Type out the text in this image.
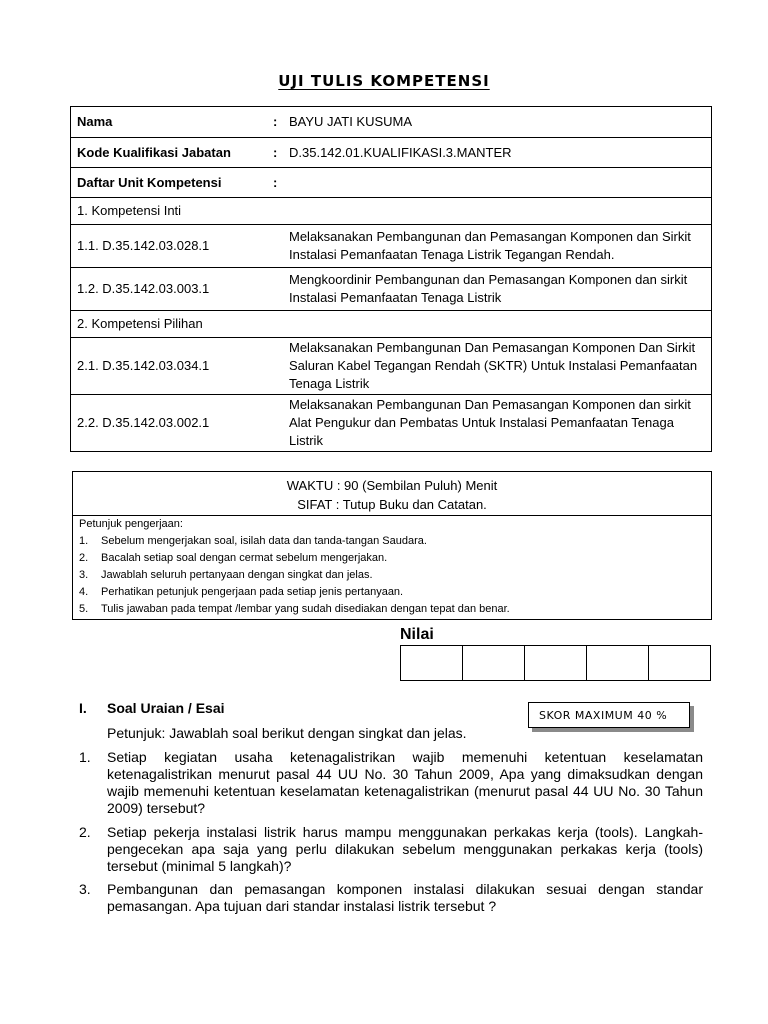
UJI TULIS KOMPETENSI
Nama	:	BAYU JATI KUSUMA
Kode Kualifikasi Jabatan	:	D.35.142.01.KUALIFIKASI.3.MANTER
Daftar Unit Kompetensi	:	
1. Kompetensi Inti		
1.1. D.35.142.03.028.1		Melaksanakan Pembangunan dan Pemasangan Komponen dan Sirkit Instalasi Pemanfaatan Tenaga Listrik Tegangan Rendah.
1.2. D.35.142.03.003.1		Mengkoordinir Pembangunan dan Pemasangan Komponen dan sirkit Instalasi Pemanfaatan Tenaga Listrik
2. Kompetensi Pilihan		
2.1. D.35.142.03.034.1		Melaksanakan Pembangunan Dan Pemasangan Komponen Dan Sirkit Saluran Kabel Tegangan Rendah (SKTR) Untuk Instalasi Pemanfaatan Tenaga Listrik
2.2. D.35.142.03.002.1		Melaksanakan Pembangunan Dan Pemasangan Komponen dan sirkit Alat Pengukur dan Pembatas Untuk Instalasi Pemanfaatan Tenaga Listrik
WAKTU : 90 (Sembilan Puluh) Menit
SIFAT : Tutup Buku dan Catatan.
Petunjuk pengerjaan:
1.	Sebelum mengerjakan soal, isilah data dan tanda-tangan Saudara.
2.	Bacalah setiap soal dengan cermat sebelum mengerjakan.
3.	Jawablah seluruh pertanyaan dengan singkat dan jelas.
4.	Perhatikan petunjuk pengerjaan pada setiap jenis pertanyaan.
5.	Tulis jawaban pada tempat /lembar yang sudah disediakan dengan tepat dan benar.
Nilai
I. Soal Uraian / Esai	SKOR MAXIMUM 40 %
Petunjuk: Jawablah soal berikut dengan singkat dan jelas.
1. Setiap kegiatan usaha ketenagalistrikan wajib memenuhi ketentuan keselamatan ketenagalistrikan menurut pasal 44 UU No. 30 Tahun 2009, Apa yang dimaksudkan dengan wajib memenuhi ketentuan keselamatan ketenagalistrikan (menurut pasal 44 UU No. 30 Tahun 2009) tersebut?
2. Setiap pekerja instalasi listrik harus mampu menggunakan perkakas kerja (tools). Langkah-pengecekan apa saja yang perlu dilakukan sebelum menggunakan perkakas kerja (tools) tersebut (minimal 5 langkah)?
3. Pembangunan dan pemasangan komponen instalasi dilakukan sesuai dengan standar pemasangan. Apa tujuan dari standar instalasi listrik tersebut ?
